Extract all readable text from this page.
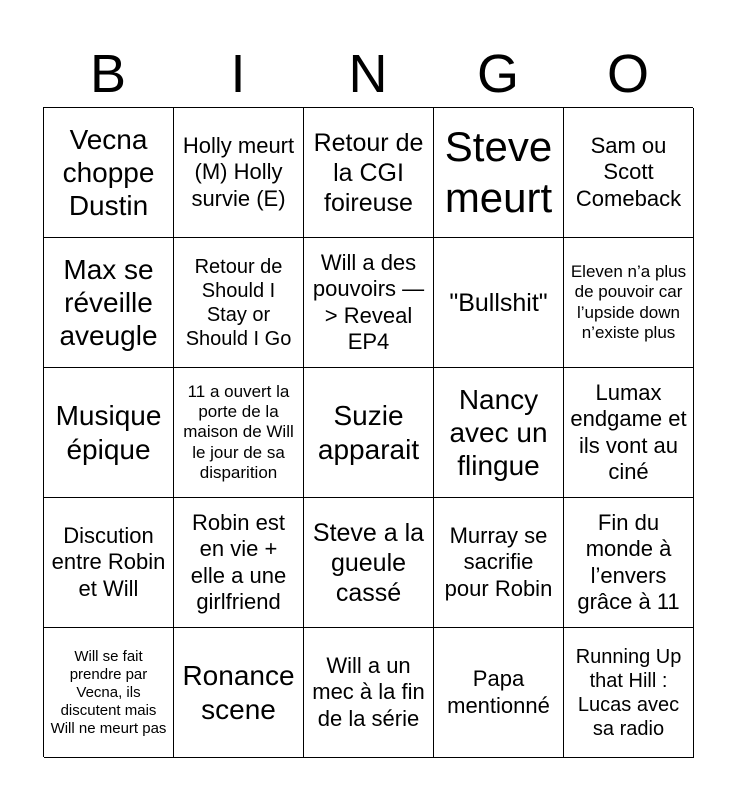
B	I	N	G	O
Vecna choppe Dustin
Holly meurt (M) Holly survie (E)
Retour de la CGI foireuse
Steve meurt
Sam ou Scott Comeback
Max se réveille aveugle
Retour de Should I Stay or Should I Go
Will a des pouvoirs —> Reveal EP4
"Bullshit"
Eleven n’a plus de pouvoir car l’upside down n’existe plus
Musique épique
11 a ouvert la porte de la maison de Will le jour de sa disparition
Suzie apparait
Nancy avec un flingue
Lumax endgame et ils vont au ciné
Discution entre Robin et Will
Robin est en vie + elle a une girlfriend
Steve a la gueule cassé
Murray se sacrifie pour Robin
Fin du monde à l’envers grâce à 11
Will se fait prendre par Vecna, ils discutent mais Will ne meurt pas
Ronance scene
Will a un mec à la fin de la série
Papa mentionné
Running Up that Hill : Lucas avec sa radio
